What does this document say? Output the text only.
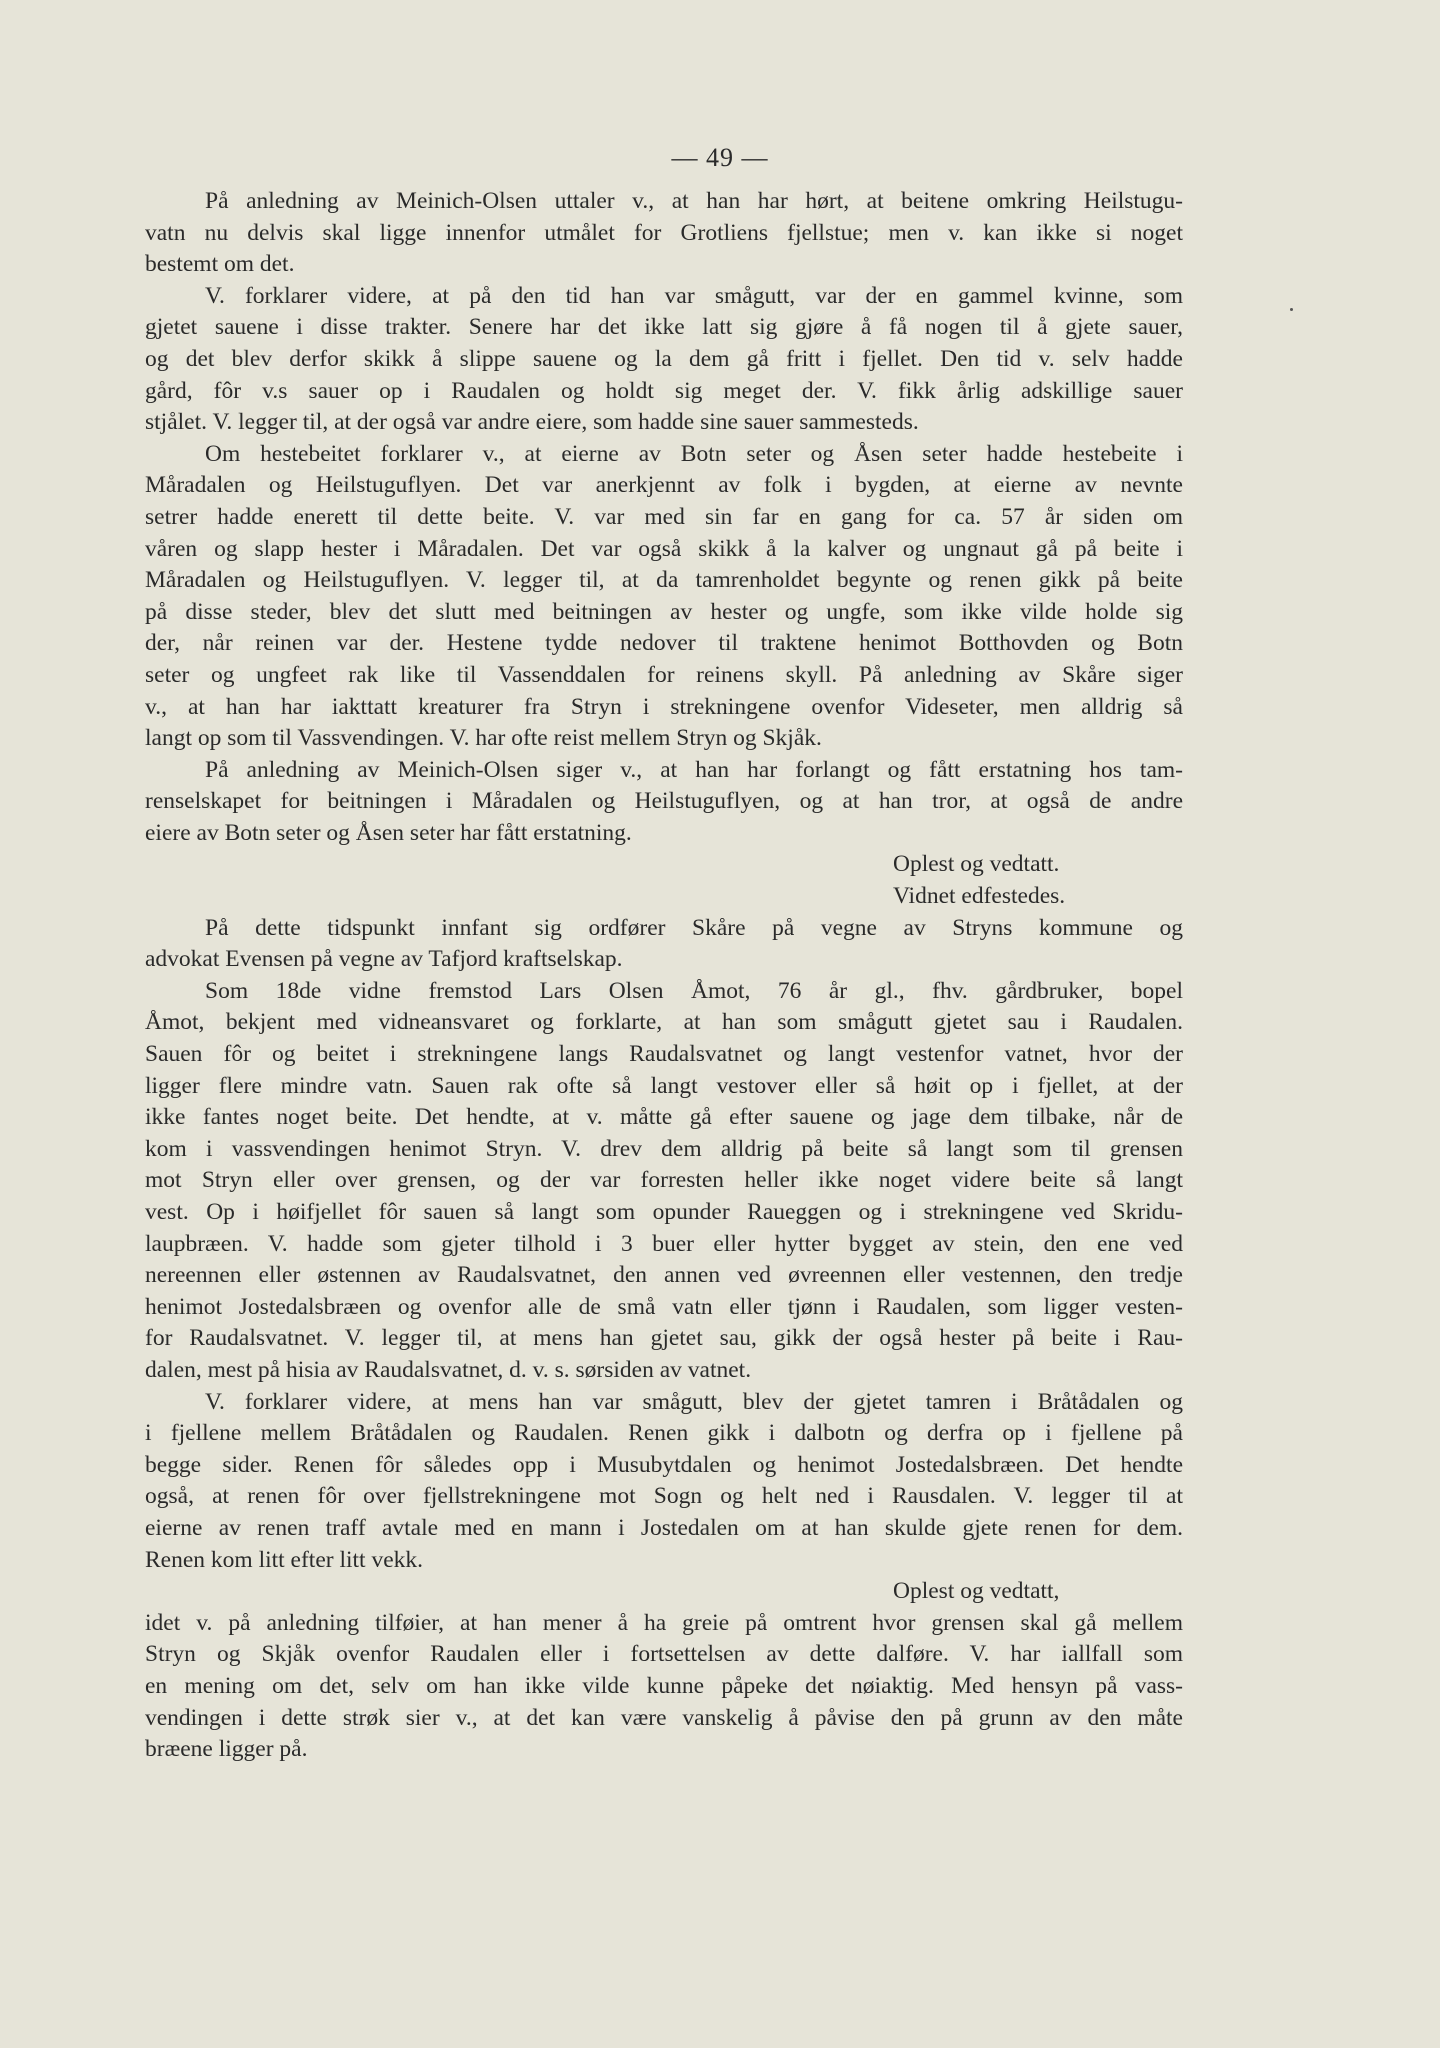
— 49 —
På anledning av Meinich-Olsen uttaler v., at han har hørt, at beitene omkring Heilstugu-
vatn nu delvis skal ligge innenfor utmålet for Grotliens fjellstue; men v. kan ikke si noget
bestemt om det.
V. forklarer videre, at på den tid han var smågutt, var der en gammel kvinne, som
gjetet sauene i disse trakter. Senere har det ikke latt sig gjøre å få nogen til å gjete sauer,
og det blev derfor skikk å slippe sauene og la dem gå fritt i fjellet. Den tid v. selv hadde
gård, fôr v.s sauer op i Raudalen og holdt sig meget der. V. fikk årlig adskillige sauer
stjålet. V. legger til, at der også var andre eiere, som hadde sine sauer sammesteds.
Om hestebeitet forklarer v., at eierne av Botn seter og Åsen seter hadde hestebeite i
Måradalen og Heilstuguflyen. Det var anerkjennt av folk i bygden, at eierne av nevnte
setrer hadde enerett til dette beite. V. var med sin far en gang for ca. 57 år siden om
våren og slapp hester i Måradalen. Det var også skikk å la kalver og ungnaut gå på beite i
Måradalen og Heilstuguflyen. V. legger til, at da tamrenholdet begynte og renen gikk på beite
på disse steder, blev det slutt med beitningen av hester og ungfe, som ikke vilde holde sig
der, når reinen var der. Hestene tydde nedover til traktene henimot Botthovden og Botn
seter og ungfeet rak like til Vassenddalen for reinens skyll. På anledning av Skåre siger
v., at han har iakttatt kreaturer fra Stryn i strekningene ovenfor Videseter, men alldrig så
langt op som til Vassvendingen. V. har ofte reist mellem Stryn og Skjåk.
På anledning av Meinich-Olsen siger v., at han har forlangt og fått erstatning hos tam-
renselskapet for beitningen i Måradalen og Heilstuguflyen, og at han tror, at også de andre
eiere av Botn seter og Åsen seter har fått erstatning.
Oplest og vedtatt.
Vidnet edfestedes.
På dette tidspunkt innfant sig ordfører Skåre på vegne av Stryns kommune og
advokat Evensen på vegne av Tafjord kraftselskap.
Som 18de vidne fremstod Lars Olsen Åmot, 76 år gl., fhv. gårdbruker, bopel
Åmot, bekjent med vidneansvaret og forklarte, at han som smågutt gjetet sau i Raudalen.
Sauen fôr og beitet i strekningene langs Raudalsvatnet og langt vestenfor vatnet, hvor der
ligger flere mindre vatn. Sauen rak ofte så langt vestover eller så høit op i fjellet, at der
ikke fantes noget beite. Det hendte, at v. måtte gå efter sauene og jage dem tilbake, når de
kom i vassvendingen henimot Stryn. V. drev dem alldrig på beite så langt som til grensen
mot Stryn eller over grensen, og der var forresten heller ikke noget videre beite så langt
vest. Op i høifjellet fôr sauen så langt som opunder Raueggen og i strekningene ved Skridu-
laupbræen. V. hadde som gjeter tilhold i 3 buer eller hytter bygget av stein, den ene ved
nereennen eller østennen av Raudalsvatnet, den annen ved øvreennen eller vestennen, den tredje
henimot Jostedalsbræen og ovenfor alle de små vatn eller tjønn i Raudalen, som ligger vesten-
for Raudalsvatnet. V. legger til, at mens han gjetet sau, gikk der også hester på beite i Rau-
dalen, mest på hisia av Raudalsvatnet, d. v. s. sørsiden av vatnet.
V. forklarer videre, at mens han var smågutt, blev der gjetet tamren i Bråtådalen og
i fjellene mellem Bråtådalen og Raudalen. Renen gikk i dalbotn og derfra op i fjellene på
begge sider. Renen fôr således opp i Musubytdalen og henimot Jostedalsbræen. Det hendte
også, at renen fôr over fjellstrekningene mot Sogn og helt ned i Rausdalen. V. legger til at
eierne av renen traff avtale med en mann i Jostedalen om at han skulde gjete renen for dem.
Renen kom litt efter litt vekk.
Oplest og vedtatt,
idet v. på anledning tilføier, at han mener å ha greie på omtrent hvor grensen skal gå mellem
Stryn og Skjåk ovenfor Raudalen eller i fortsettelsen av dette dalføre. V. har iallfall som
en mening om det, selv om han ikke vilde kunne påpeke det nøiaktig. Med hensyn på vass-
vendingen i dette strøk sier v., at det kan være vanskelig å påvise den på grunn av den måte
bræene ligger på.
